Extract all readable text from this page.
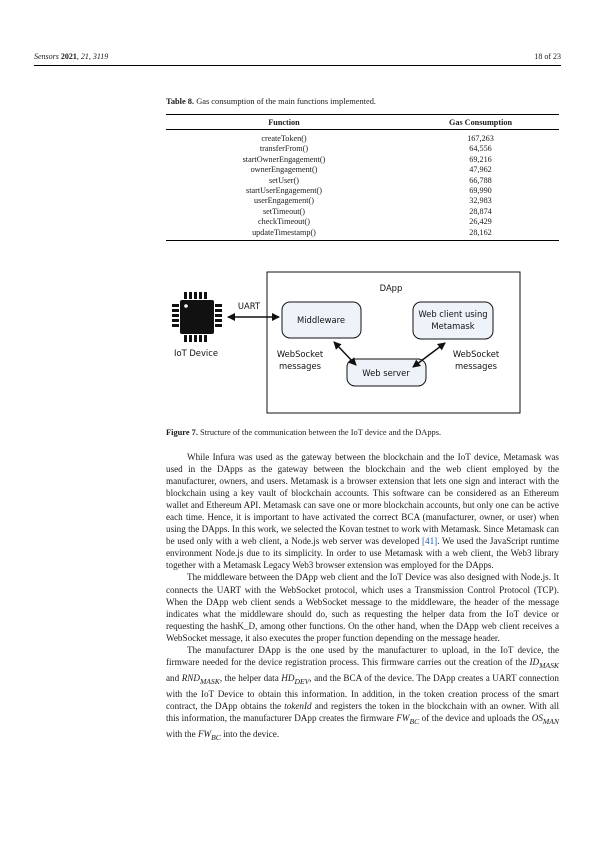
Sensors 2021, 21, 3119	18 of 23
Table 8. Gas consumption of the main functions implemented.
Function	Gas Consumption
createToken()	167,263
transferFrom()	64,556
startOwnerEngagement()	69,216
ownerEngagement()	47,962
setUser()	66,788
startUserEngagement()	69,990
userEngagement()	32,983
setTimeout()	28,874
checkTimeout()	26,429
updateTimestamp()	28,162
DApp
IoT Device
UART
Middleware
Web client using
Metamask
Web server
WebSocket
messages
WebSocket
messages
Figure 7. Structure of the communication between the IoT device and the DApps.

While Infura was used as the gateway between the blockchain and the IoT device, Metamask was used in the DApps as the gateway between the blockchain and the web client employed by the manufacturer, owners, and users. Metamask is a browser extension that lets one sign and interact with the blockchain using a key vault of blockchain accounts. This software can be considered as an Ethereum wallet and Ethereum API. Metamask can save one or more blockchain accounts, but only one can be active each time. Hence, it is important to have activated the correct BCA (manufacturer, owner, or user) when using the DApps. In this work, we selected the Kovan testnet to work with Metamask. Since Metamask can be used only with a web client, a Node.js web server was developed [41]. We used the JavaScript runtime environment Node.js due to its simplicity. In order to use Metamask with a web client, the Web3 library together with a Metamask Legacy Web3 browser extension was employed for the DApps.

The middleware between the DApp web client and the IoT Device was also designed with Node.js. It connects the UART with the WebSocket protocol, which uses a Transmission Control Protocol (TCP). When the DApp web client sends a WebSocket message to the middleware, the header of the message indicates what the middleware should do, such as requesting the helper data from the IoT device or requesting the hashK_D, among other functions. On the other hand, when the DApp web client receives a WebSocket message, it also executes the proper function depending on the message header.

The manufacturer DApp is the one used by the manufacturer to upload, in the IoT device, the firmware needed for the device registration process. This firmware carries out the creation of the $ID_{MASK}$ and $RND_{MASK}$, the helper data $HD_{DEV}$, and the BCA of the device. The DApp creates a UART connection with the IoT Device to obtain this information. In addition, in the token creation process of the smart contract, the DApp obtains the tokenId and registers the token in the blockchain with an owner. With all this information, the manufacturer DApp creates the firmware $FW_{BC}$ of the device and uploads the $OS_{MAN}$ with the $FW_{BC}$ into the device.
